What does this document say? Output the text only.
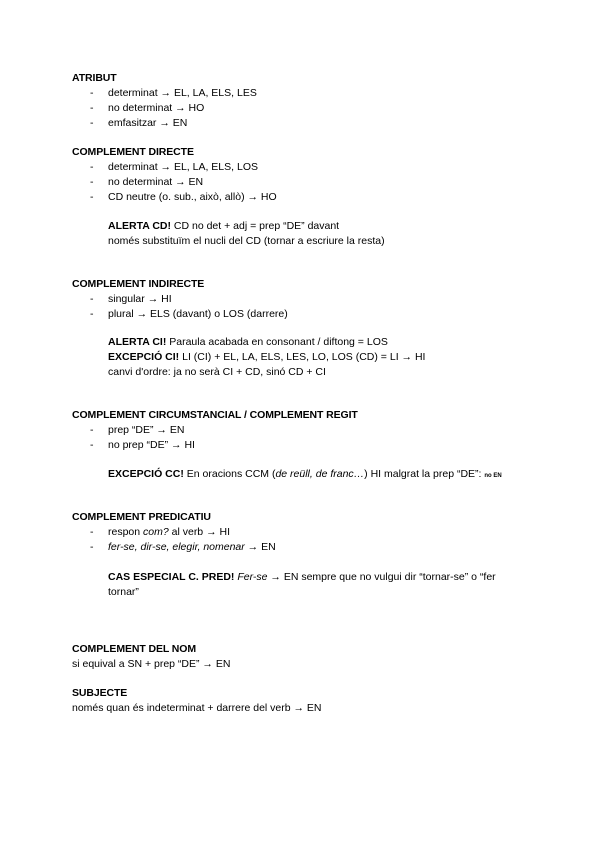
ATRIBUT
- determinat → EL, LA, ELS, LES
- no determinat → HO
- emfasitzar → EN
COMPLEMENT DIRECTE
- determinat → EL, LA, ELS, LOS
- no determinat → EN
- CD neutre (o. sub., això, allò) → HO
ALERTA CD! CD no det + adj = prep “DE” davant
només substituïm el nucli del CD (tornar a escriure la resta)
COMPLEMENT INDIRECTE
- singular → HI
- plural → ELS (davant) o LOS (darrere)
ALERTA CI! Paraula acabada en consonant / diftong = LOS
EXCEPCIÓ CI! LI (CI) + EL, LA, ELS, LES, LO, LOS (CD) = LI → HI
canvi d'ordre: ja no serà CI + CD, sinó CD + CI
COMPLEMENT CIRCUMSTANCIAL / COMPLEMENT REGIT
- prep “DE” → EN
- no prep “DE” → HI
EXCEPCIÓ CC! En oracions CCM (de reüll, de franc…) HI malgrat la prep “DE”: no EN
COMPLEMENT PREDICATIU
- respon com? al verb → HI
- fer-se, dir-se, elegir, nomenar → EN
CAS ESPECIAL C. PRED! Fer-se → EN sempre que no vulgui dir “tornar-se” o “fer
tornar”
COMPLEMENT DEL NOM
si equival a SN + prep “DE” → EN
SUBJECTE
només quan és indeterminat + darrere del verb → EN
